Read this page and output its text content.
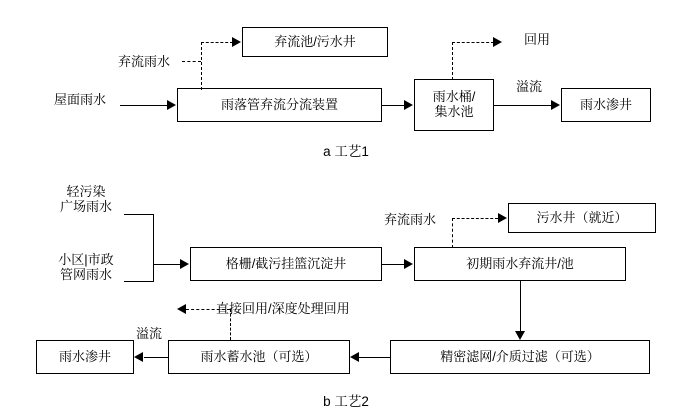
弃流池/污水井	回用
弃流雨水
屋面雨水	雨落管弃流分流装置	雨水桶/
集水池
溢流
雨水渗井
a 工艺1
轻污染
广场雨水
小区|市政
管网雨水
格栅/截污挂篮沉淀井	初期雨水弃流井/池
弃流雨水	污水井（就近）
精密滤网/介质过滤（可选）
雨水蓄水池（可选）
雨水渗井
溢流
直接回用/深度处理回用
b 工艺2
